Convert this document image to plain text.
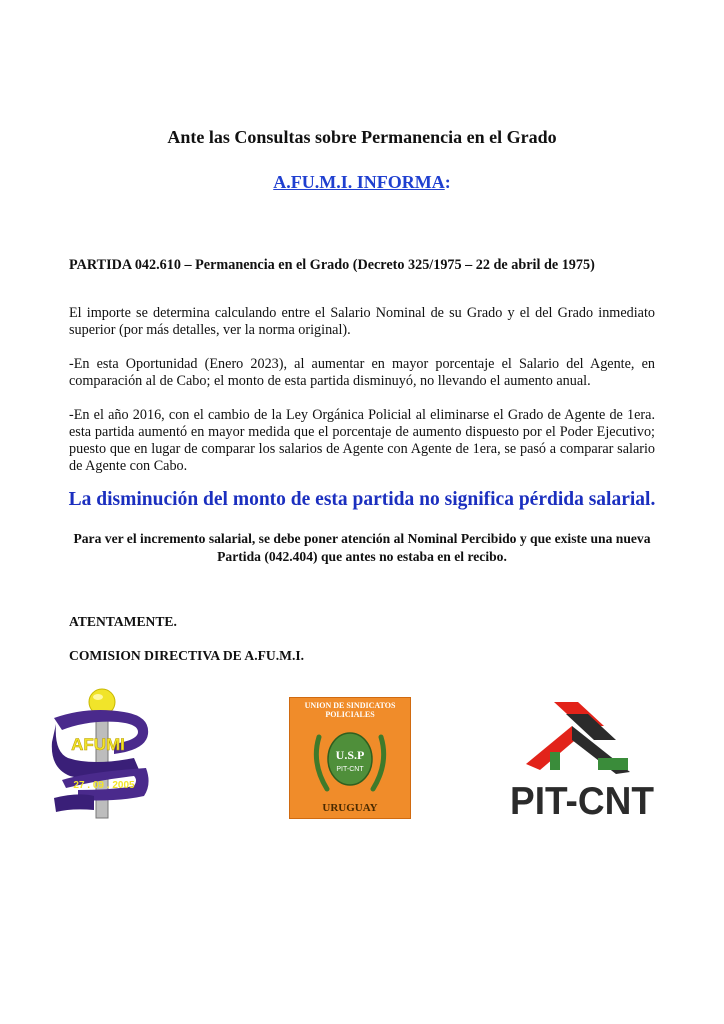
Ante las Consultas sobre Permanencia en el Grado
A.FU.M.I. INFORMA:
PARTIDA 042.610 – Permanencia en el Grado (Decreto 325/1975 – 22 de abril de 1975)
El importe se determina calculando entre el Salario Nominal de su Grado y el del Grado inmediato superior (por más detalles, ver la norma original).
-En esta Oportunidad (Enero 2023), al aumentar en mayor porcentaje el Salario del Agente, en comparación al de Cabo; el monto de esta partida disminuyó, no llevando el aumento anual.
-En el año 2016, con el cambio de la Ley Orgánica Policial al eliminarse el Grado de Agente de 1era. esta partida aumentó en mayor medida que el porcentaje de aumento dispuesto por el Poder Ejecutivo; puesto que en lugar de comparar los salarios de Agente con Agente de 1era, se pasó a comparar salario de Agente con Cabo.
La disminución del monto de esta partida no significa pérdida salarial.
Para ver el incremento salarial, se debe poner atención al Nominal Percibido y que existe una nueva Partida (042.404) que antes no estaba en el recibo.
ATENTAMENTE.
COMISION DIRECTIVA DE A.FU.M.I.
AFUMI
27 . 09 . 2005
UNION DE SINDICATOS
POLICIALES
U.S.P
PIT-CNT
URUGUAY	PIT-CNT
